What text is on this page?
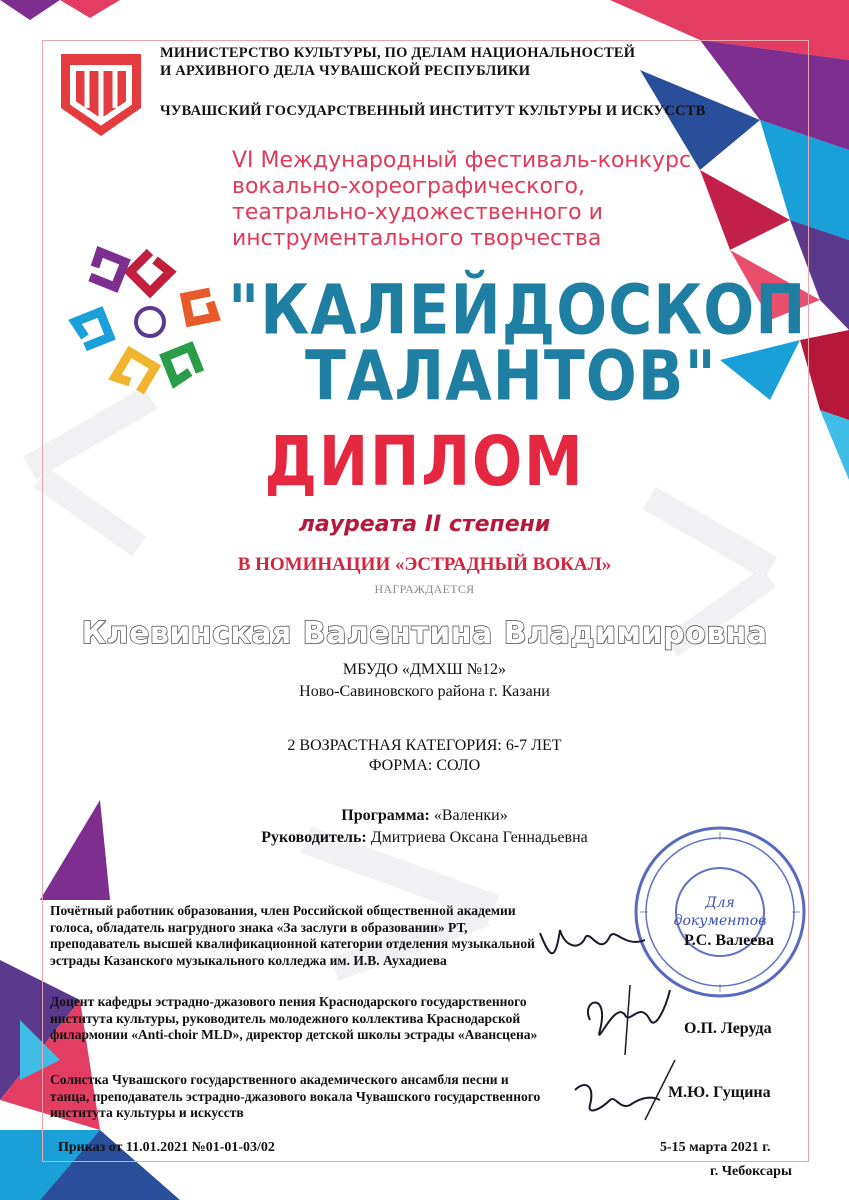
МИНИСТЕРСТВО КУЛЬТУРЫ, ПО ДЕЛАМ НАЦИОНАЛЬНОСТЕЙ
И АРХИВНОГО ДЕЛА ЧУВАШСКОЙ РЕСПУБЛИКИ
ЧУВАШСКИЙ ГОСУДАРСТВЕННЫЙ ИНСТИТУТ КУЛЬТУРЫ И ИСКУССТВ
VI Международный фестиваль-конкурс
вокально-хореографического,
театрально-художественного и
инструментального творчества
"КАЛЕЙДОСКОП
ТАЛАНТОВ"
ДИПЛОМ
лауреата II степени
В НОМИНАЦИИ «ЭСТРАДНЫЙ ВОКАЛ»
НАГРАЖДАЕТСЯ
Клевинская Валентина Владимировна
МБУДО «ДМХШ №12»
Ново-Савиновского района г. Казани
2 ВОЗРАСТНАЯ КАТЕГОРИЯ: 6-7 ЛЕТ
ФОРМА: СОЛО
Программа: «Валенки»
Руководитель: Дмитриева Оксана Геннадьевна
Для
документов
Почётный работник образования, член Российской общественной академии голоса, обладатель нагрудного знака «За заслуги в образовании» РТ, преподаватель высшей квалификационной категории отделения музыкальной эстрады Казанского музыкального колледжа им. И.В. Аухадиева
Р.С. Валеева
Доцент кафедры эстрадно-джазового пения Краснодарского государственного института культуры, руководитель молодежного коллектива Краснодарской филармонии «Anti-choir MLD», директор детской школы эстрады «Авансцена»	О.П. Леруда
Солистка Чувашского государственного академического ансамбля песни и танца, преподаватель эстрадно-джазового вокала Чувашского государственного института культуры и искусств
М.Ю. Гущина
Приказ от 11.01.2021 №01-01-03/02	5-15 марта 2021 г.
г. Чебоксары
